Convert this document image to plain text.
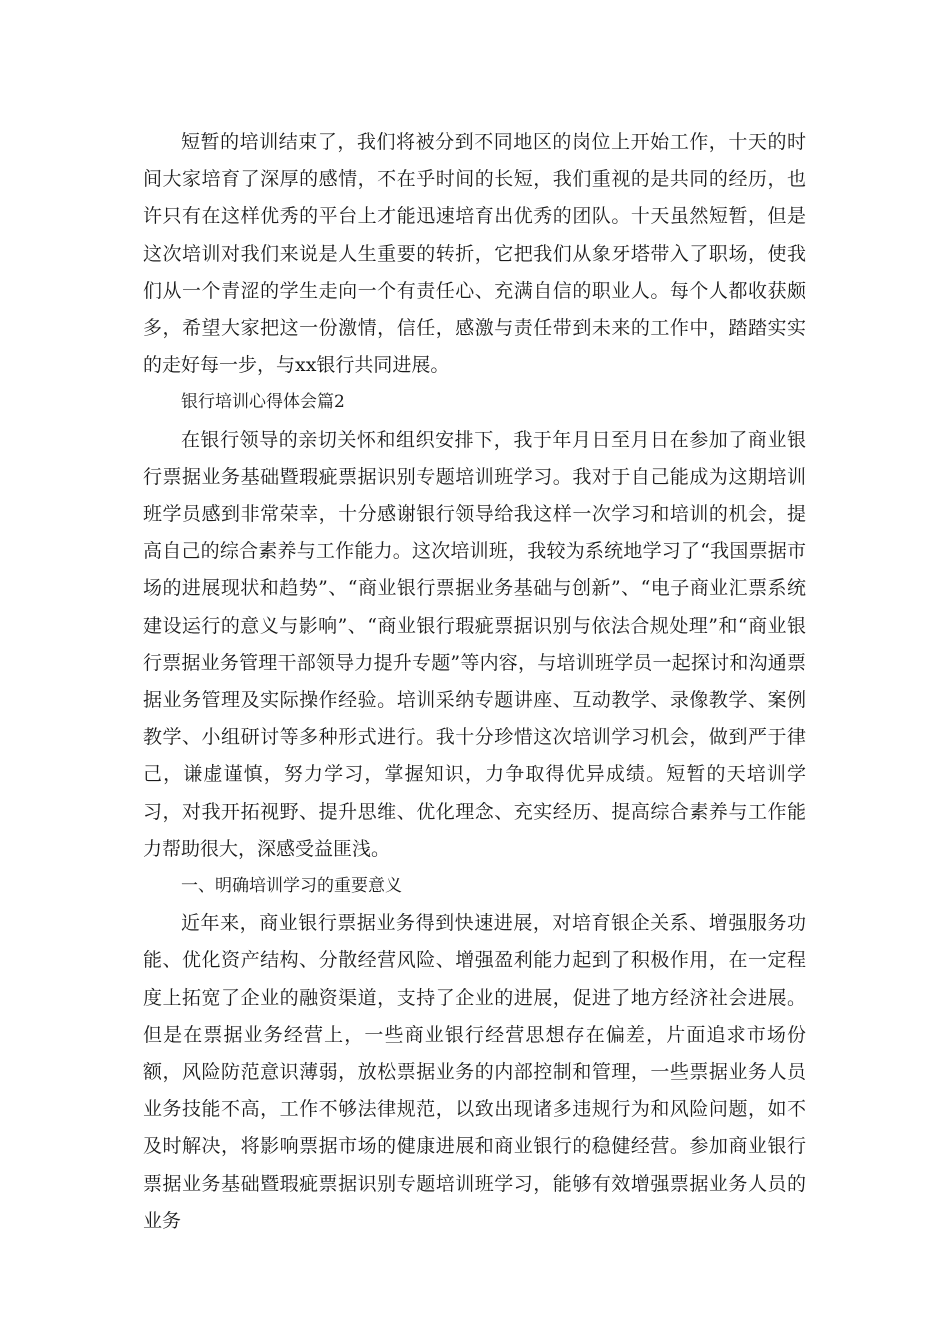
短暂的培训结束了，我们将被分到不同地区的岗位上开始工作，十天的时间大家培育了深厚的感情，不在乎时间的长短，我们重视的是共同的经历，也许只有在这样优秀的平台上才能迅速培育出优秀的团队。十天虽然短暂，但是这次培训对我们来说是人生重要的转折，它把我们从象牙塔带入了职场，使我们从一个青涩的学生走向一个有责任心、充满自信的职业人。每个人都收获颇多，希望大家把这一份激情，信任，感激与责任带到未来的工作中，踏踏实实的走好每一步，与xx银行共同进展。

银行培训心得体会篇2

在银行领导的亲切关怀和组织安排下，我于年月日至月日在参加了商业银行票据业务基础暨瑕疵票据识别专题培训班学习。我对于自己能成为这期培训班学员感到非常荣幸，十分感谢银行领导给我这样一次学习和培训的机会，提高自己的综合素养与工作能力。这次培训班，我较为系统地学习了“我国票据市场的进展现状和趋势”、“商业银行票据业务基础与创新”、“电子商业汇票系统建设运行的意义与影响”、“商业银行瑕疵票据识别与依法合规处理”和“商业银行票据业务管理干部领导力提升专题”等内容，与培训班学员一起探讨和沟通票据业务管理及实际操作经验。培训采纳专题讲座、互动教学、录像教学、案例教学、小组研讨等多种形式进行。我十分珍惜这次培训学习机会，做到严于律己，谦虚谨慎，努力学习，掌握知识，力争取得优异成绩。短暂的天培训学习，对我开拓视野、提升思维、优化理念、充实经历、提高综合素养与工作能力帮助很大，深感受益匪浅。

一、明确培训学习的重要意义

近年来，商业银行票据业务得到快速进展，对培育银企关系、增强服务功能、优化资产结构、分散经营风险、增强盈利能力起到了积极作用，在一定程度上拓宽了企业的融资渠道，支持了企业的进展，促进了地方经济社会进展。但是在票据业务经营上，一些商业银行经营思想存在偏差，片面追求市场份额，风险防范意识薄弱，放松票据业务的内部控制和管理，一些票据业务人员业务技能不高，工作不够法律规范，以致出现诸多违规行为和风险问题，如不及时解决，将影响票据市场的健康进展和商业银行的稳健经营。参加商业银行票据业务基础暨瑕疵票据识别专题培训班学习，能够有效增强票据业务人员的业务
